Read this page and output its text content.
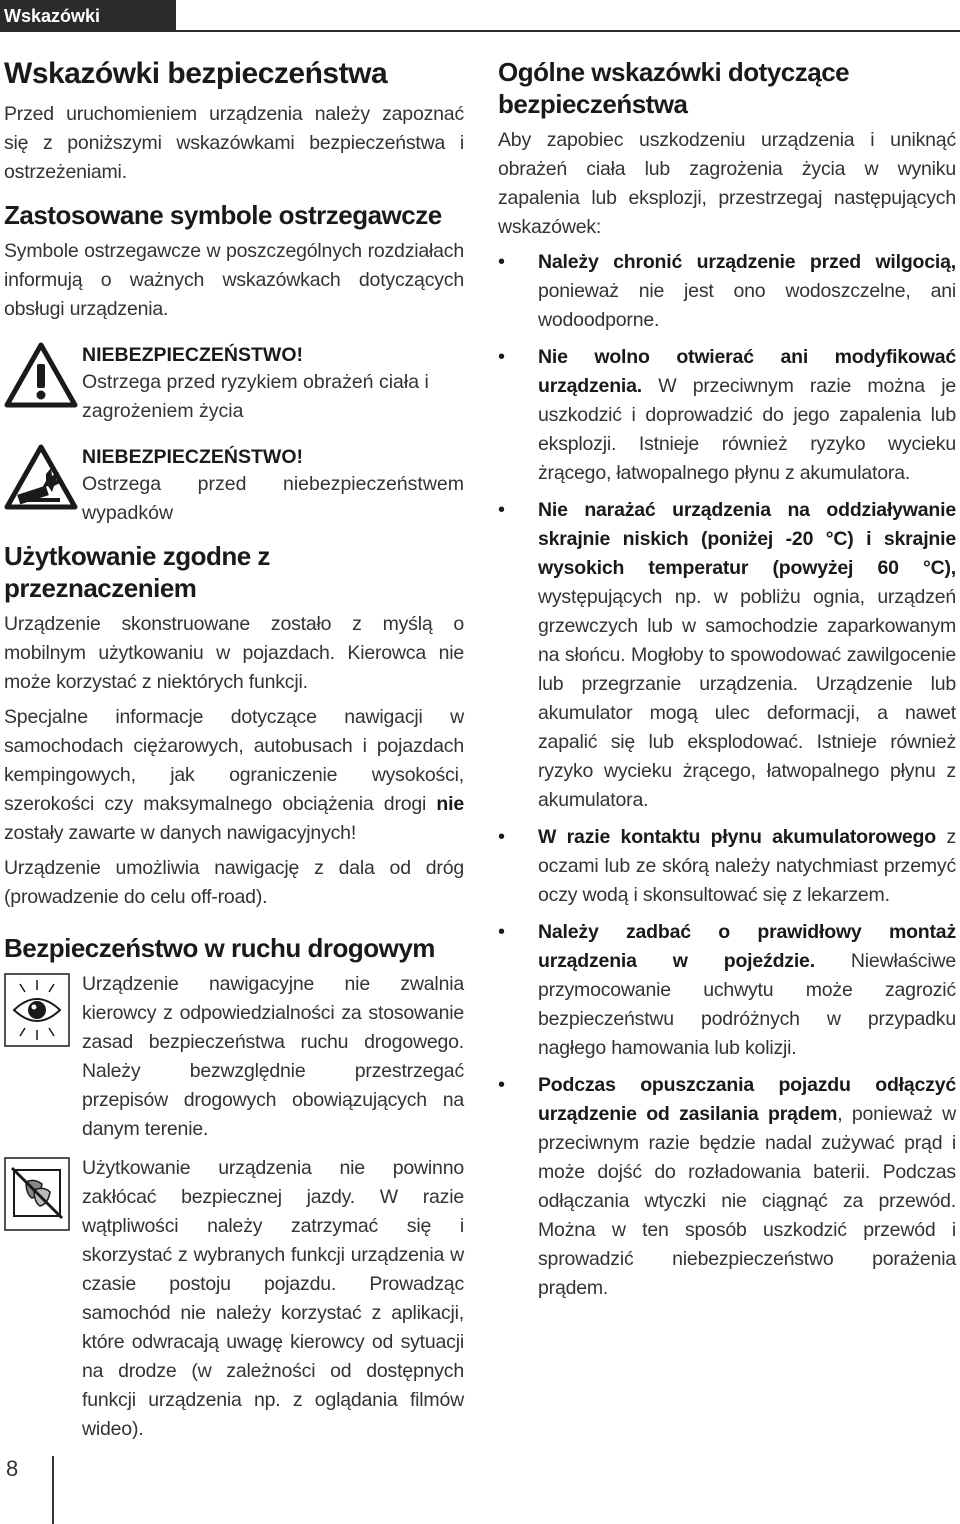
Wskazówki bezpieczeństwa
Wskazówki bezpieczeństwa

Przed uruchomieniem urządzenia należy zapoznać się z poniższymi wskazówkami bezpieczeństwa i ostrzeżeniami.

Zastosowane symbole ostrzegawcze

Symbole ostrzegawcze w poszczególnych rozdziałach informują o ważnych wskazówkach dotyczących obsługi urządzenia.

NIEBEZPIECZEŃSTWO!
Ostrzega przed ryzykiem obrażeń ciała i zagrożeniem życia
NIEBEZPIECZEŃSTWO!
Ostrzega przed niebezpieczeństwem wypadków
Użytkowanie zgodne z przeznaczeniem

Urządzenie skonstruowane zostało z myślą o mobilnym użytkowaniu w pojazdach. Kierowca nie może korzystać z niektórych funkcji.

Specjalne informacje dotyczące nawigacji w samochodach ciężarowych, autobusach i pojazdach kempingowych, jak ograniczenie wysokości, szerokości czy maksymalnego obciążenia drogi nie zostały zawarte w danych nawigacyjnych!

Urządzenie umożliwia nawigację z dala od dróg (prowadzenie do celu off-road).

Bezpieczeństwo w ruchu drogowym

Urządzenie nawigacyjne nie zwalnia kierowcy z odpowiedzialności za stosowanie zasad bezpieczeństwa ruchu drogowego. Należy bezwzględnie przestrzegać przepisów drogowych obowiązujących na danym terenie.

Użytkowanie urządzenia nie powinno zakłócać bezpiecznej jazdy. W razie wątpliwości należy zatrzymać się i skorzystać z wybranych funkcji urządzenia w czasie postoju pojazdu. Prowadząc samochód nie należy korzystać z aplikacji, które odwracają uwagę kierowcy od sytuacji na drodze (w zależności od dostępnych funkcji urządzenia np. z oglądania filmów wideo).

Ogólne wskazówki dotyczące bezpieczeństwa

Aby zapobiec uszkodzeniu urządzenia i uniknąć obrażeń ciała lub zagrożenia życia w wyniku zapalenia lub eksplozji, przestrzegaj następujących wskazówek:

• Należy chronić urządzenie przed wilgocią, ponieważ nie jest ono wodoszczelne, ani wodoodporne.
• Nie wolno otwierać ani modyfikować urządzenia. W przeciwnym razie można je uszkodzić i doprowadzić do jego zapalenia lub eksplozji. Istnieje również ryzyko wycieku żrącego, łatwopalnego płynu z akumulatora.
• Nie narażać urządzenia na oddziaływanie skrajnie niskich (poniżej -20 °C) i skrajnie wysokich temperatur (powyżej 60 °C), występujących np. w pobliżu ognia, urządzeń grzewczych lub w samochodzie zaparkowanym na słońcu. Mogłoby to spowodować zawilgocenie lub przegrzanie urządzenia. Urządzenie lub akumulator mogą ulec deformacji, a nawet zapalić się lub eksplodować. Istnieje również ryzyko wycieku żrącego, łatwopalnego płynu z akumulatora.
• W razie kontaktu płynu akumulatorowego z oczami lub ze skórą należy natychmiast przemyć oczy wodą i skonsultować się z lekarzem.
• Należy zadbać o prawidłowy montaż urządzenia w pojeździe. Niewłaściwe przymocowanie uchwytu może zagrozić bezpieczeństwu podróżnych w przypadku nagłego hamowania lub kolizji.
• Podczas opuszczania pojazdu odłączyć urządzenie od zasilania prądem, ponieważ w przeciwnym razie będzie nadal zużywać prąd i może dojść do rozładowania baterii. Podczas odłączania wtyczki nie ciągnąć za przewód. Można w ten sposób uszkodzić przewód i sprowadzić niebezpieczeństwo porażenia prądem.
8
